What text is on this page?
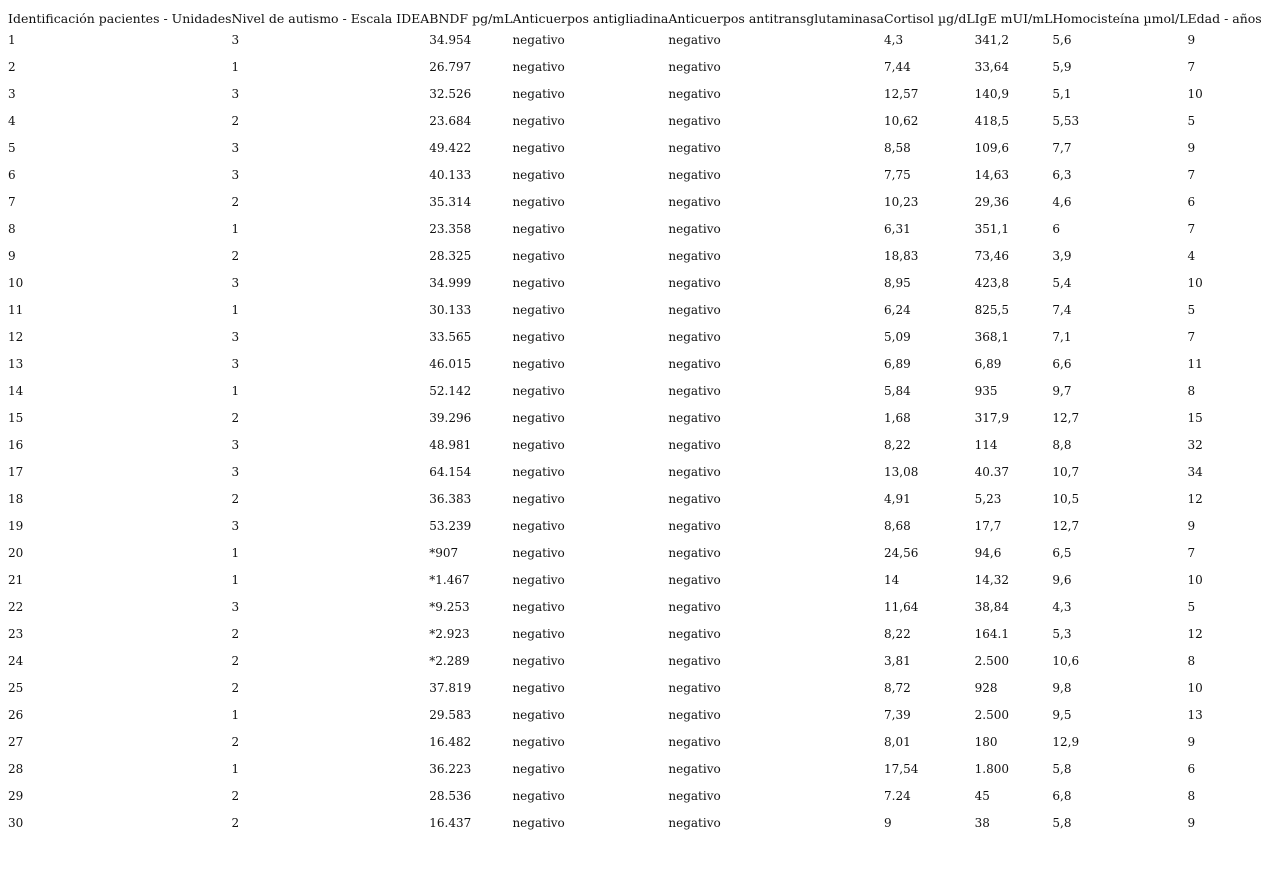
Identificación pacientes - Unidades	Nivel de autismo - Escala IDEA	BNDF pg/mL	Anticuerpos antigliadina	Anticuerpos antitransglutaminasa	Cortisol µg/dL	IgE mUI/mL	Homocisteína µmol/L	Edad - años
1	3	34.954	negativo	negativo	4,3	341,2	5,6	9
2	1	26.797	negativo	negativo	7,44	33,64	5,9	7
3	3	32.526	negativo	negativo	12,57	140,9	5,1	10
4	2	23.684	negativo	negativo	10,62	418,5	5,53	5
5	3	49.422	negativo	negativo	8,58	109,6	7,7	9
6	3	40.133	negativo	negativo	7,75	14,63	6,3	7
7	2	35.314	negativo	negativo	10,23	29,36	4,6	6
8	1	23.358	negativo	negativo	6,31	351,1	6	7
9	2	28.325	negativo	negativo	18,83	73,46	3,9	4
10	3	34.999	negativo	negativo	8,95	423,8	5,4	10
11	1	30.133	negativo	negativo	6,24	825,5	7,4	5
12	3	33.565	negativo	negativo	5,09	368,1	7,1	7
13	3	46.015	negativo	negativo	6,89	6,89	6,6	11
14	1	52.142	negativo	negativo	5,84	935	9,7	8
15	2	39.296	negativo	negativo	1,68	317,9	12,7	15
16	3	48.981	negativo	negativo	8,22	114	8,8	32
17	3	64.154	negativo	negativo	13,08	40.37	10,7	34
18	2	36.383	negativo	negativo	4,91	5,23	10,5	12
19	3	53.239	negativo	negativo	8,68	17,7	12,7	9
20	1	*907	negativo	negativo	24,56	94,6	6,5	7
21	1	*1.467	negativo	negativo	14	14,32	9,6	10
22	3	*9.253	negativo	negativo	11,64	38,84	4,3	5
23	2	*2.923	negativo	negativo	8,22	164.1	5,3	12
24	2	*2.289	negativo	negativo	3,81	2.500	10,6	8
25	2	37.819	negativo	negativo	8,72	928	9,8	10
26	1	29.583	negativo	negativo	7,39	2.500	9,5	13
27	2	16.482	negativo	negativo	8,01	180	12,9	9
28	1	36.223	negativo	negativo	17,54	1.800	5,8	6
29	2	28.536	negativo	negativo	7.24	45	6,8	8
30	2	16.437	negativo	negativo	9	38	5,8	9
